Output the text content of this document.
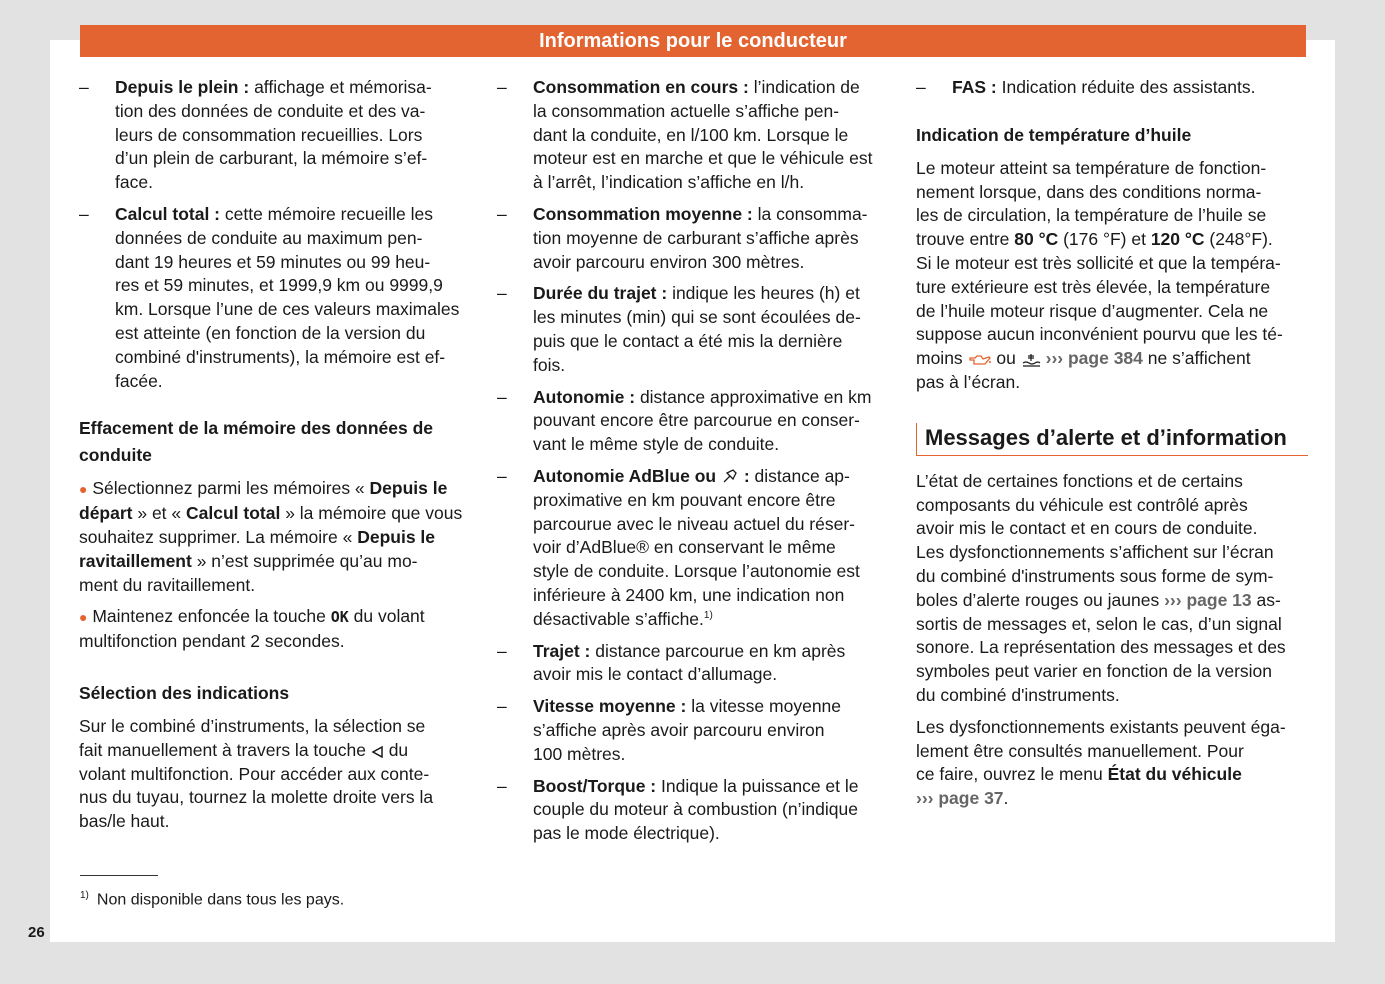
Informations pour le conducteur
– Depuis le plein : affichage et mémorisa-
tion des données de conduite et des va-
leurs de consommation recueillies. Lors
d’un plein de carburant, la mémoire s’ef-
face.
– Calcul total : cette mémoire recueille les
données de conduite au maximum pen-
dant 19 heures et 59 minutes ou 99 heu-
res et 59 minutes, et 1999,9 km ou 9999,9
km. Lorsque l’une de ces valeurs maximales
est atteinte (en fonction de la version du
combiné d'instruments), la mémoire est ef-
facée.
Effacement de la mémoire des données de conduite

● Sélectionnez parmi les mémoires « Depuis le départ » et « Calcul total » la mémoire que vous souhaitez supprimer. La mémoire « Depuis le ravitaillement » n’est supprimée qu’au mo-
ment du ravitaillement.

● Maintenez enfoncée la touche OK du volant
multifonction pendant 2 secondes.

Sélection des indications

Sur le combiné d’instruments, la sélection se
fait manuellement à travers la touche  du
volant multifonction. Pour accéder aux conte-
nus du tuyau, tournez la molette droite vers la
bas/le haut.

– Consommation en cours : l’indication de
la consommation actuelle s’affiche pen-
dant la conduite, en l/100 km. Lorsque le
moteur est en marche et que le véhicule est
à l’arrêt, l’indication s’affiche en l/h.
– Consommation moyenne : la consomma-
tion moyenne de carburant s’affiche après
avoir parcouru environ 300 mètres.
– Durée du trajet : indique les heures (h) et
les minutes (min) qui se sont écoulées de-
puis que le contact a été mis la dernière
fois.
– Autonomie : distance approximative en km
pouvant encore être parcourue en conser-
vant le même style de conduite.
– Autonomie AdBlue ou  : distance ap-
proximative en km pouvant encore être
parcourue avec le niveau actuel du réser-
voir d’AdBlue® en conservant le même
style de conduite. Lorsque l’autonomie est
inférieure à 2400 km, une indication non
désactivable s’affiche.$^{1)}$
– Trajet : distance parcourue en km après
avoir mis le contact d’allumage.
– Vitesse moyenne : la vitesse moyenne
s’affiche après avoir parcouru environ
100 mètres.
– Boost/Torque : Indique la puissance et le
couple du moteur à combustion (n’indique
pas le mode électrique).
– FAS : Indication réduite des assistants.
Indication de température d’huile

Le moteur atteint sa température de fonction-
nement lorsque, dans des conditions norma-
les de circulation, la température de l’huile se
trouve entre 80 °C (176 °F) et 120 °C (248°F).
Si le moteur est très sollicité et que la tempéra-
ture extérieure est très élevée, la température
de l’huile moteur risque d’augmenter. Cela ne
suppose aucun inconvénient pourvu que les té-
moins  ou  ››› page 384 ne s’affichent
pas à l’écran.

Messages d’alerte et d’information

L’état de certaines fonctions et de certains
composants du véhicule est contrôlé après
avoir mis le contact et en cours de conduite.
Les dysfonctionnements s’affichent sur l’écran
du combiné d'instruments sous forme de sym-
boles d’alerte rouges ou jaunes ››› page 13 as-
sortis de messages et, selon le cas, d’un signal
sonore. La représentation des messages et des
symboles peut varier en fonction de la version
du combiné d'instruments.

Les dysfonctionnements existants peuvent éga-
lement être consultés manuellement. Pour
ce faire, ouvrez le menu État du véhicule
››› page 37.

$^{1)}$ Non disponible dans tous les pays.
26
